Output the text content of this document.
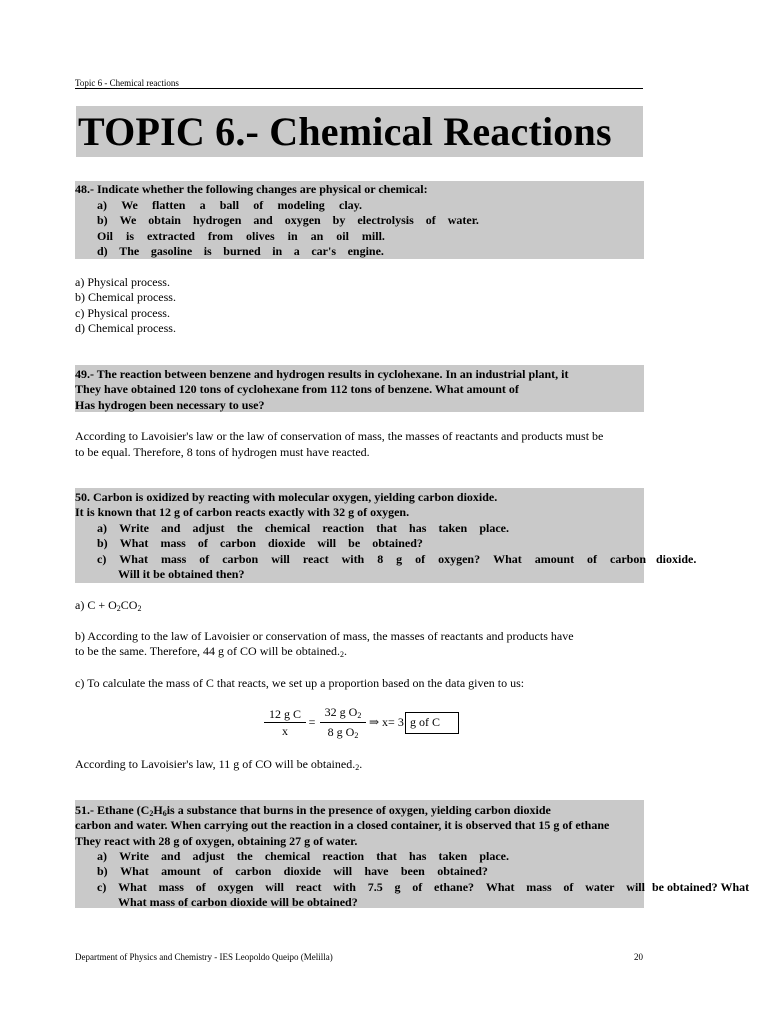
Topic 6 - Chemical reactions
TOPIC 6.- Chemical Reactions
48.- Indicate whether the following changes are physical or chemical:
a) We flatten a ball of modeling clay.
b) We obtain hydrogen and oxygen by electrolysis of water.
Oil is extracted from olives in an oil mill.
d) The gasoline is burned in a car's engine.
a) Physical process.
b) Chemical process.
c) Physical process.
d) Chemical process.
49.- The reaction between benzene and hydrogen results in cyclohexane. In an industrial plant, it
They have obtained 120 tons of cyclohexane from 112 tons of benzene. What amount of
Has hydrogen been necessary to use?
According to Lavoisier's law or the law of conservation of mass, the masses of reactants and products must be
to be equal. Therefore, 8 tons of hydrogen must have reacted.
50. Carbon is oxidized by reacting with molecular oxygen, yielding carbon dioxide.
It is known that 12 g of carbon reacts exactly with 32 g of oxygen.
a) Write and adjust the chemical reaction that has taken place.
b) What mass of carbon dioxide will be obtained?
c) What mass of carbon will react with 8 g of oxygen? What amount of carbon dioxide.
Will it be obtained then?
a) $C + O_2CO_2$
b) According to the law of Lavoisier or conservation of mass, the masses of reactants and products have
to be the same. Therefore, 44 g of CO will be $obtained._2$.
c) To calculate the mass of C that reacts, we set up a proportion based on the data given to us:
12 g C
x
=
32 g $O_2$
8 g $O_2$
⇒ x= 3 g of C
According to Lavoisier's law, 11 g of CO will be $obtained._2$.
51.- Ethane ($C_2H_6is$ a substance that burns in the presence of oxygen, yielding carbon dioxide
carbon and water. When carrying out the reaction in a closed container, it is observed that 15 g of ethane
They react with 28 g of oxygen, obtaining 27 g of water.
a) Write and adjust the chemical reaction that has taken place.
b) What amount of carbon dioxide will have been obtained?
c) What mass of oxygen will react with 7.5 g of ethane? What mass of water will be obtained? What
What mass of carbon dioxide will be obtained?
Department of Physics and Chemistry - IES Leopoldo Queipo (Melilla)	20
